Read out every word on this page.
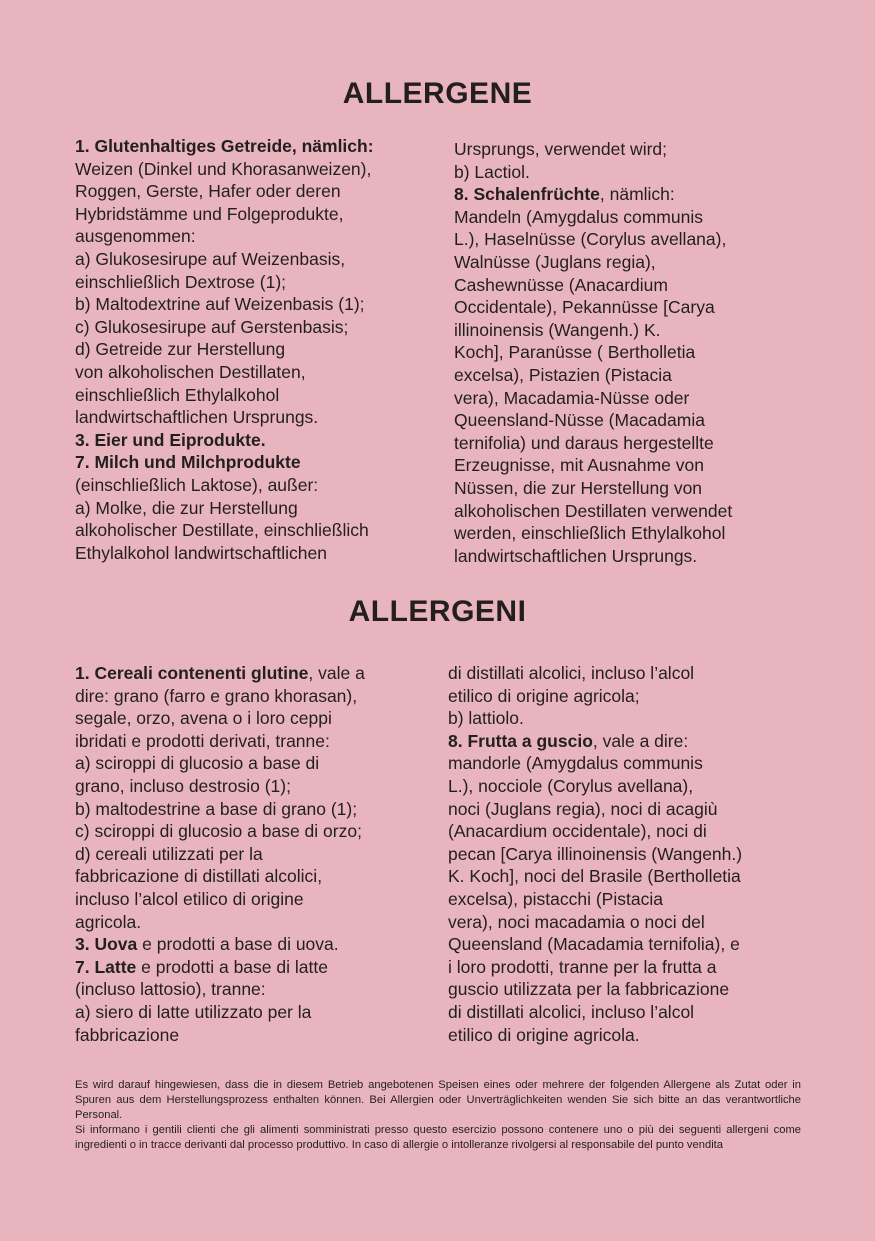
ALLERGENE

1. Glutenhaltiges Getreide, nämlich:

Weizen (Dinkel und Khorasanweizen),

Roggen, Gerste, Hafer oder deren

Hybridstämme und Folgeprodukte,

ausgenommen:

a) Glukosesirupe auf Weizenbasis,

einschließlich Dextrose (1);

b) Maltodextrine auf Weizenbasis (1);

c) Glukosesirupe auf Gerstenbasis;

d) Getreide zur Herstellung

von alkoholischen Destillaten,

einschließlich Ethylalkohol

landwirtschaftlichen Ursprungs.

3. Eier und Eiprodukte.

7. Milch und Milchprodukte

(einschließlich Laktose), außer:

a) Molke, die zur Herstellung

alkoholischer Destillate, einschließlich

Ethylalkohol landwirtschaftlichen

Ursprungs, verwendet wird;

b) Lactiol.

8. Schalenfrüchte, nämlich:

Mandeln (Amygdalus communis

L.), Haselnüsse (Corylus avellana),

Walnüsse (Juglans regia),

Cashewnüsse (Anacardium

Occidentale), Pekannüsse [Carya

illinoinensis (Wangenh.) K.

Koch], Paranüsse ( Bertholletia

excelsa), Pistazien (Pistacia

vera), Macadamia-Nüsse oder

Queensland-Nüsse (Macadamia

ternifolia) und daraus hergestellte

Erzeugnisse, mit Ausnahme von

Nüssen, die zur Herstellung von

alkoholischen Destillaten verwendet

werden, einschließlich Ethylalkohol

landwirtschaftlichen Ursprungs.

ALLERGENI

1. Cereali contenenti glutine, vale a

dire: grano (farro e grano khorasan),

segale, orzo, avena o i loro ceppi

ibridati e prodotti derivati, tranne:

a) sciroppi di glucosio a base di

grano, incluso destrosio (1);

b) maltodestrine a base di grano (1);

c) sciroppi di glucosio a base di orzo;

d) cereali utilizzati per la

fabbricazione di distillati alcolici,

incluso l’alcol etilico di origine

agricola.

3. Uova e prodotti a base di uova.

7. Latte e prodotti a base di latte

(incluso lattosio), tranne:

a) siero di latte utilizzato per la

fabbricazione

di distillati alcolici, incluso l’alcol

etilico di origine agricola;

b) lattiolo.

8. Frutta a guscio, vale a dire:

mandorle (Amygdalus communis

L.), nocciole (Corylus avellana),

noci (Juglans regia), noci di acagiù

(Anacardium occidentale), noci di

pecan [Carya illinoinensis (Wangenh.)

K. Koch], noci del Brasile (Bertholletia

excelsa), pistacchi (Pistacia

vera), noci macadamia o noci del

Queensland (Macadamia ternifolia), e

i loro prodotti, tranne per la frutta a

guscio utilizzata per la fabbricazione

di distillati alcolici, incluso l’alcol

etilico di origine agricola.

Es wird darauf hingewiesen, dass die in diesem Betrieb angebotenen Speisen eines oder mehrere der folgenden Allergene als Zutat oder in Spuren aus dem Herstellungsprozess enthalten können. Bei Allergien oder Unverträglichkeiten wenden Sie sich bitte an das verantwortliche Personal.

Si informano i gentili clienti che gli alimenti somministrati presso questo esercizio possono contenere uno o più dei seguenti allergeni come ingredienti o in tracce derivanti dal processo produttivo. In caso di allergie o intolleranze rivolgersi al responsabile del punto vendita
